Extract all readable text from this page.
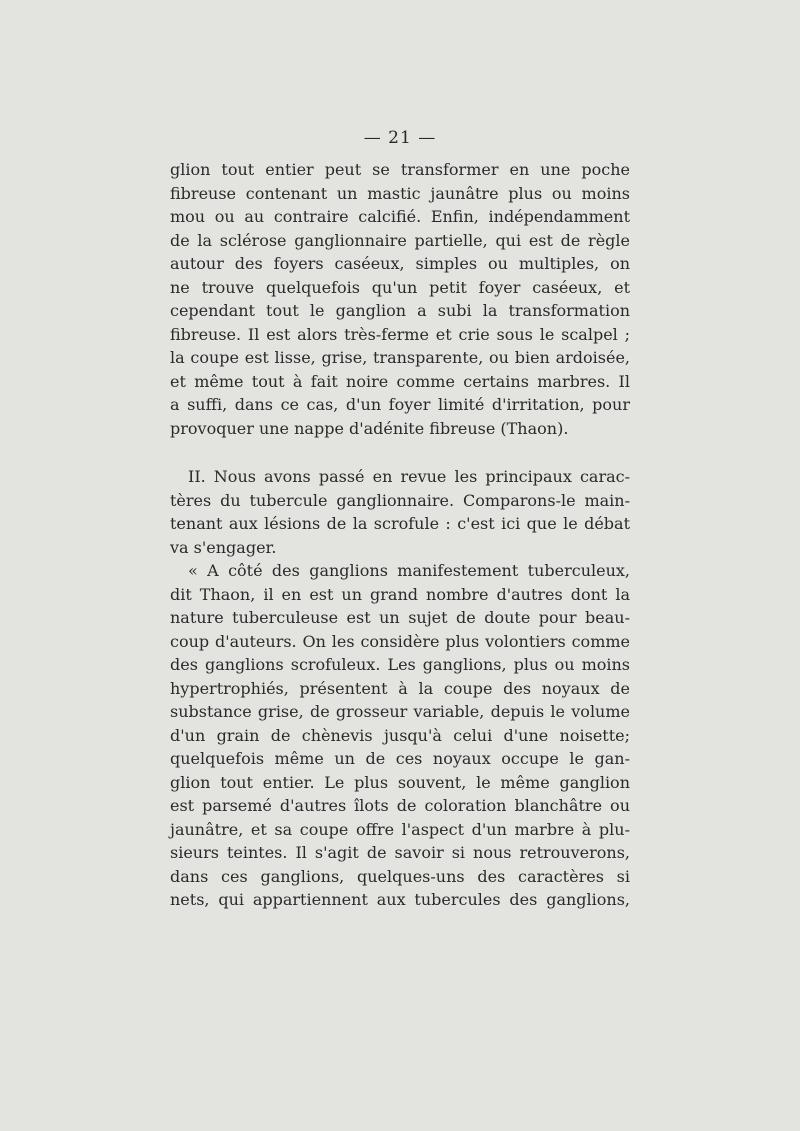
— 21 —
glion tout entier peut se transformer en une poche
fibreuse contenant un mastic jaunâtre plus ou moins
mou ou au contraire calcifié. Enfin, indépendamment
de la sclérose ganglionnaire partielle, qui est de règle
autour des foyers caséeux, simples ou multiples, on
ne trouve quelquefois qu'un petit foyer caséeux, et
cependant tout le ganglion a subi la transformation
fibreuse. Il est alors très-ferme et crie sous le scalpel ;
la coupe est lisse, grise, transparente, ou bien ardoisée,
et même tout à fait noire comme certains marbres. Il
a suffi, dans ce cas, d'un foyer limité d'irritation, pour
provoquer une nappe d'adénite fibreuse (Thaon).
II. Nous avons passé en revue les principaux carac-
tères du tubercule ganglionnaire. Comparons-le main-
tenant aux lésions de la scrofule : c'est ici que le débat
va s'engager.
« A côté des ganglions manifestement tuberculeux,
dit Thaon, il en est un grand nombre d'autres dont la
nature tuberculeuse est un sujet de doute pour beau-
coup d'auteurs. On les considère plus volontiers comme
des ganglions scrofuleux. Les ganglions, plus ou moins
hypertrophiés, présentent à la coupe des noyaux de
substance grise, de grosseur variable, depuis le volume
d'un grain de chènevis jusqu'à celui d'une noisette;
quelquefois même un de ces noyaux occupe le gan-
glion tout entier. Le plus souvent, le même ganglion
est parsemé d'autres îlots de coloration blanchâtre ou
jaunâtre, et sa coupe offre l'aspect d'un marbre à plu-
sieurs teintes. Il s'agit de savoir si nous retrouverons,
dans ces ganglions, quelques-uns des caractères si
nets, qui appartiennent aux tubercules des ganglions,
